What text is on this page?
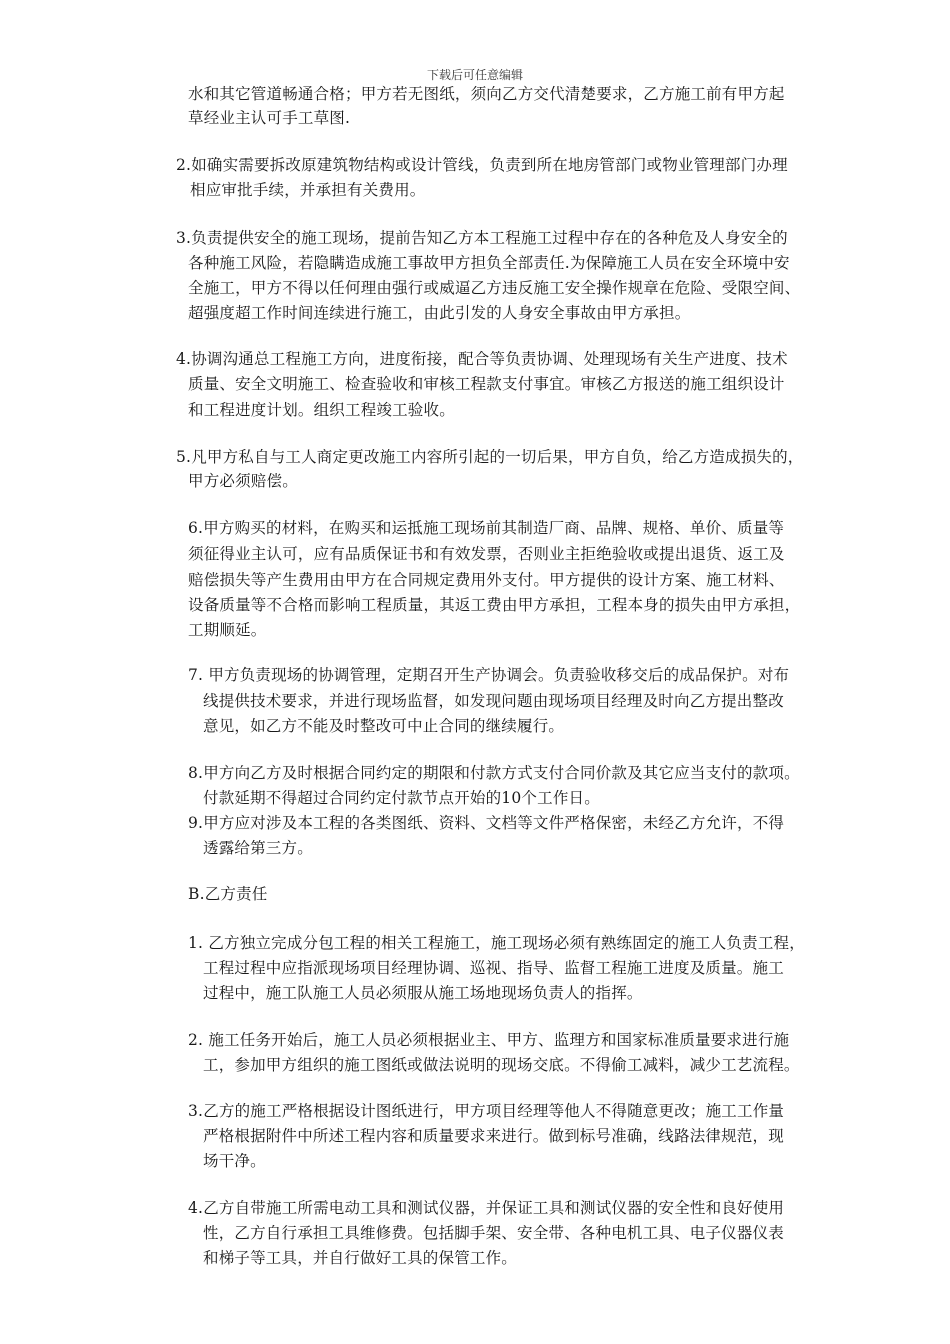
下载后可任意编辑
水和其它管道畅通合格；甲方若无图纸，须向乙方交代清楚要求，乙方施工前有甲方起
草经业主认可手工草图.
2.如确实需要拆改原建筑物结构或设计管线，负责到所在地房管部门或物业管理部门办理
相应审批手续，并承担有关费用。
3.负责提供安全的施工现场，提前告知乙方本工程施工过程中存在的各种危及人身安全的
各种施工风险，若隐瞒造成施工事故甲方担负全部责任.为保障施工人员在安全环境中安
全施工，甲方不得以任何理由强行或威逼乙方违反施工安全操作规章在危险、受限空间、
超强度超工作时间连续进行施工，由此引发的人身安全事故由甲方承担。
4.协调沟通总工程施工方向，进度衔接，配合等负责协调、处理现场有关生产进度、技术
质量、安全文明施工、检查验收和审核工程款支付事宜。审核乙方报送的施工组织设计
和工程进度计划。组织工程竣工验收。
5.凡甲方私自与工人商定更改施工内容所引起的一切后果，甲方自负，给乙方造成损失的，
甲方必须赔偿。
6.甲方购买的材料，在购买和运抵施工现场前其制造厂商、品牌、规格、单价、质量等
须征得业主认可，应有品质保证书和有效发票，否则业主拒绝验收或提出退货、返工及
赔偿损失等产生费用由甲方在合同规定费用外支付。甲方提供的设计方案、施工材料、
设备质量等不合格而影响工程质量，其返工费由甲方承担，工程本身的损失由甲方承担，
工期顺延。
7. 甲方负责现场的协调管理，定期召开生产协调会。负责验收移交后的成品保护。对布
线提供技术要求，并进行现场监督，如发现问题由现场项目经理及时向乙方提出整改
意见，如乙方不能及时整改可中止合同的继续履行。
8.甲方向乙方及时根据合同约定的期限和付款方式支付合同价款及其它应当支付的款项。
付款延期不得超过合同约定付款节点开始的10个工作日。
9.甲方应对涉及本工程的各类图纸、资料、文档等文件严格保密，未经乙方允许，不得
透露给第三方。
B.乙方责任
1. 乙方独立完成分包工程的相关工程施工，施工现场必须有熟练固定的施工人负责工程，
工程过程中应指派现场项目经理协调、巡视、指导、监督工程施工进度及质量。施工
过程中，施工队施工人员必须服从施工场地现场负责人的指挥。
2. 施工任务开始后，施工人员必须根据业主、甲方、监理方和国家标准质量要求进行施
工，参加甲方组织的施工图纸或做法说明的现场交底。不得偷工减料，减少工艺流程。
3.乙方的施工严格根据设计图纸进行，甲方项目经理等他人不得随意更改；施工工作量
严格根据附件中所述工程内容和质量要求来进行。做到标号准确，线路法律规范，现
场干净。
4.乙方自带施工所需电动工具和测试仪器，并保证工具和测试仪器的安全性和良好使用
性，乙方自行承担工具维修费。包括脚手架、安全带、各种电机工具、电子仪器仪表
和梯子等工具，并自行做好工具的保管工作。
